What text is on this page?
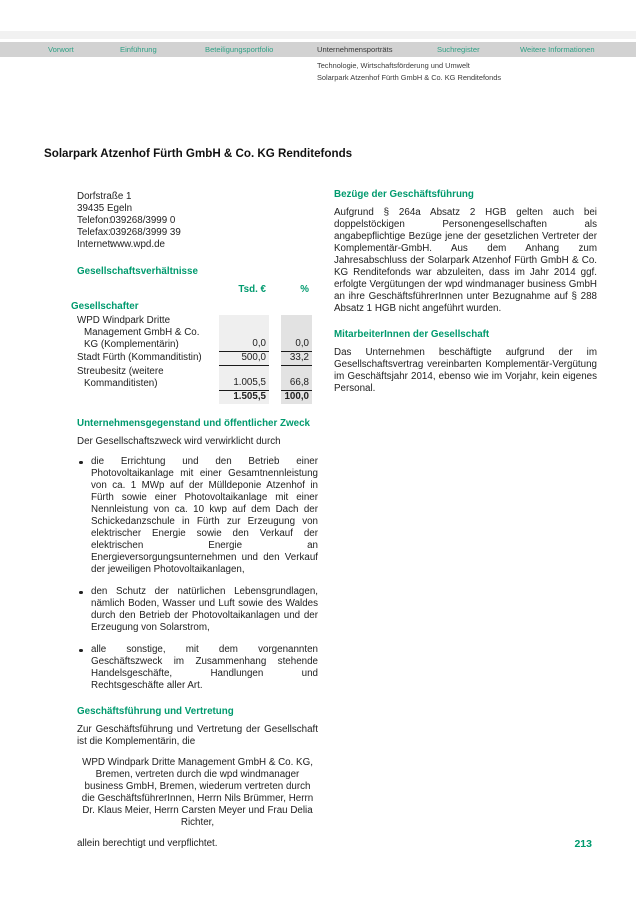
Vorwort	Einführung	Beteiligungsportfolio	Unternehmensporträts	Suchregister	Weitere Informationen
Technologie, Wirtschaftsförderung und Umwelt
Solarpark Atzenhof Fürth GmbH & Co. KG Renditefonds
Solarpark Atzenhof Fürth GmbH & Co. KG Renditefonds
Dorfstraße 1
39435 Egeln
Telefon:
039268/3999 0
Telefax: 039268/3999 39
Internet:
www.wpd.de
Gesellschaftsverhältnisse
Tsd. €	%
Gesellschafter
WPD Windpark Dritte Management GmbH & Co. KG (Komplementärin)	0,0	0,0
Stadt Fürth (Kommanditistin)	500,0	33,2
Streubesitz (weitere Kommanditisten)	1.005,5	66,8
1.505,5	100,0
Unternehmensgegenstand und öffentlicher Zweck

Der Gesellschaftszweck wird verwirklicht durch

die Errichtung und den Betrieb einer Photovoltaikanlage mit einer Gesamtnennleistung von ca. 1 MWp auf der Mülldeponie Atzenhof in Fürth sowie einer Photovoltaikanlage mit einer Nennleistung von ca. 10 kwp auf dem Dach der Schickedanzschule in Fürth zur Erzeugung von elektrischer Energie sowie den Verkauf der elektrischen Energie an Energieversorgungsunternehmen und den Verkauf der jeweiligen Photovoltaikanlagen,
den Schutz der natürlichen Lebensgrundlagen, nämlich Boden, Wasser und Luft sowie des Waldes durch den Betrieb der Photovoltaikanlagen und der Erzeugung von Solarstrom,
alle sonstige, mit dem vorgenannten Geschäftszweck im Zusammenhang stehende Handelsgeschäfte, Handlungen und Rechtsgeschäfte aller Art.
Geschäftsführung und Vertretung

Zur Geschäftsführung und Vertretung der Gesellschaft ist die Komplementärin, die

WPD Windpark Dritte Management GmbH & Co. KG, Bremen, vertreten durch die wpd windmanager business GmbH, Bremen, wiederum vertreten durch die GeschäftsführerInnen, Herrn Nils Brümmer, Herrn Dr. Klaus Meier, Herrn Carsten Meyer und Frau Delia Richter,

allein berechtigt und verpflichtet.

Bezüge der Geschäftsführung

Aufgrund § 264a Absatz 2 HGB gelten auch bei doppelstöckigen Personengesellschaften als angabepflichtige Bezüge jene der gesetzlichen Vertreter der Komplementär-GmbH. Aus dem Anhang zum Jahresabschluss der Solarpark Atzenhof Fürth GmbH & Co. KG Renditefonds war abzuleiten, dass im Jahr 2014 ggf. erfolgte Vergütungen der wpd windmanager business GmbH an ihre GeschäftsführerInnen unter Bezugnahme auf § 288 Absatz 1 HGB nicht angeführt wurden.

MitarbeiterInnen der Gesellschaft

Das Unternehmen beschäftigte aufgrund der im Gesellschaftsvertrag vereinbarten Komplementär-Vergütung im Geschäftsjahr 2014, ebenso wie im Vorjahr, kein eigenes Personal.

213
